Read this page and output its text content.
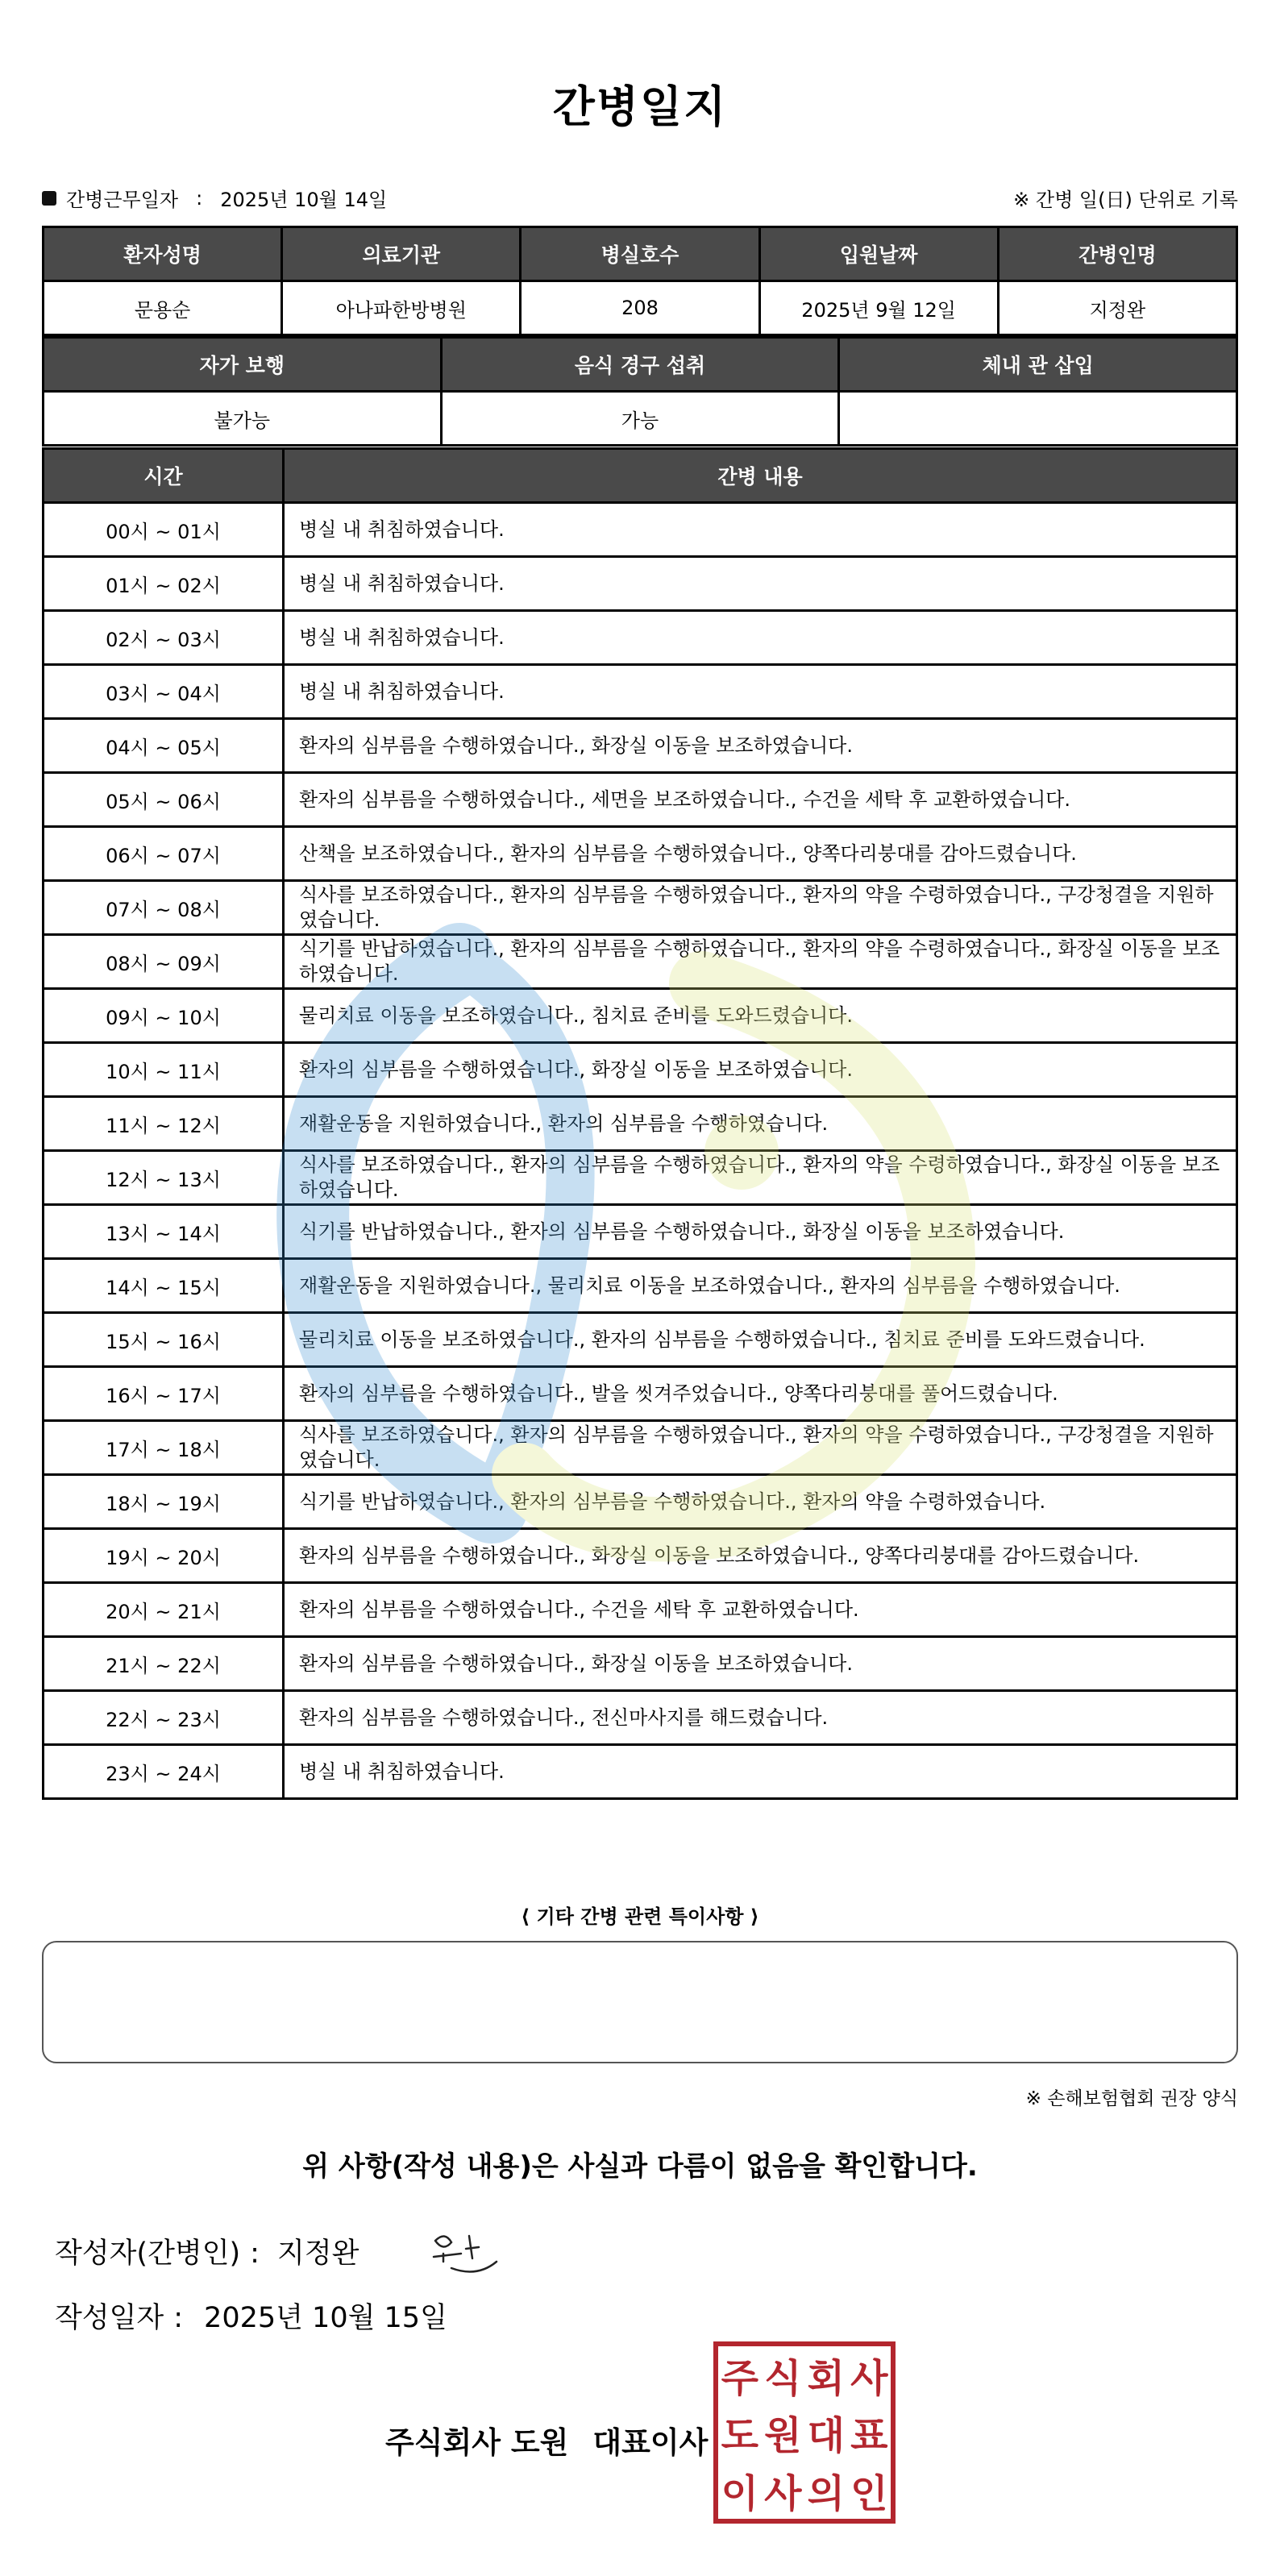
간병일지
간병근무일자 : 2025년 10월 14일	※ 간병 일(日) 단위로 기록
환자성명	의료기관	병실호수	입원날짜	간병인명
문용순	아나파한방병원	208	2025년 9월 12일	지정완
자가 보행	음식 경구 섭취	체내 관 삽입
불가능	가능	
시간	간병 내용
00시 ~ 01시	병실 내 취침하였습니다.
01시 ~ 02시	병실 내 취침하였습니다.
02시 ~ 03시	병실 내 취침하였습니다.
03시 ~ 04시	병실 내 취침하였습니다.
04시 ~ 05시	환자의 심부름을 수행하였습니다., 화장실 이동을 보조하였습니다.
05시 ~ 06시	환자의 심부름을 수행하였습니다., 세면을 보조하였습니다., 수건을 세탁 후 교환하였습니다.
06시 ~ 07시	산책을 보조하였습니다., 환자의 심부름을 수행하였습니다., 양쪽다리붕대를 감아드렸습니다.
07시 ~ 08시	식사를 보조하였습니다., 환자의 심부름을 수행하였습니다., 환자의 약을 수령하였습니다., 구강청결을 지원하였습니다.
08시 ~ 09시	식기를 반납하였습니다., 환자의 심부름을 수행하였습니다., 환자의 약을 수령하였습니다., 화장실 이동을 보조하였습니다.
09시 ~ 10시	물리치료 이동을 보조하였습니다., 침치료 준비를 도와드렸습니다.
10시 ~ 11시	환자의 심부름을 수행하였습니다., 화장실 이동을 보조하였습니다.
11시 ~ 12시	재활운동을 지원하였습니다., 환자의 심부름을 수행하였습니다.
12시 ~ 13시	식사를 보조하였습니다., 환자의 심부름을 수행하였습니다., 환자의 약을 수령하였습니다., 화장실 이동을 보조하였습니다.
13시 ~ 14시	식기를 반납하였습니다., 환자의 심부름을 수행하였습니다., 화장실 이동을 보조하였습니다.
14시 ~ 15시	재활운동을 지원하였습니다., 물리치료 이동을 보조하였습니다., 환자의 심부름을 수행하였습니다.
15시 ~ 16시	물리치료 이동을 보조하였습니다., 환자의 심부름을 수행하였습니다., 침치료 준비를 도와드렸습니다.
16시 ~ 17시	환자의 심부름을 수행하였습니다., 발을 씻겨주었습니다., 양쪽다리붕대를 풀어드렸습니다.
17시 ~ 18시	식사를 보조하였습니다., 환자의 심부름을 수행하였습니다., 환자의 약을 수령하였습니다., 구강청결을 지원하였습니다.
18시 ~ 19시	식기를 반납하였습니다., 환자의 심부름을 수행하였습니다., 환자의 약을 수령하였습니다.
19시 ~ 20시	환자의 심부름을 수행하였습니다., 화장실 이동을 보조하였습니다., 양쪽다리붕대를 감아드렸습니다.
20시 ~ 21시	환자의 심부름을 수행하였습니다., 수건을 세탁 후 교환하였습니다.
21시 ~ 22시	환자의 심부름을 수행하였습니다., 화장실 이동을 보조하였습니다.
22시 ~ 23시	환자의 심부름을 수행하였습니다., 전신마사지를 해드렸습니다.
23시 ~ 24시	병실 내 취침하였습니다.
⟨ 기타 간병 관련 특이사항 ⟩
※ 손해보험협회 권장 양식
위 사항(작성 내용)은 사실과 다름이 없음을 확인합니다.
작성자(간병인) : 지정완
작성일자 : 2025년 10월 15일
주식회사 도원 대표이사
주 식 회 사
도 원 대 표
이 사 의 인
